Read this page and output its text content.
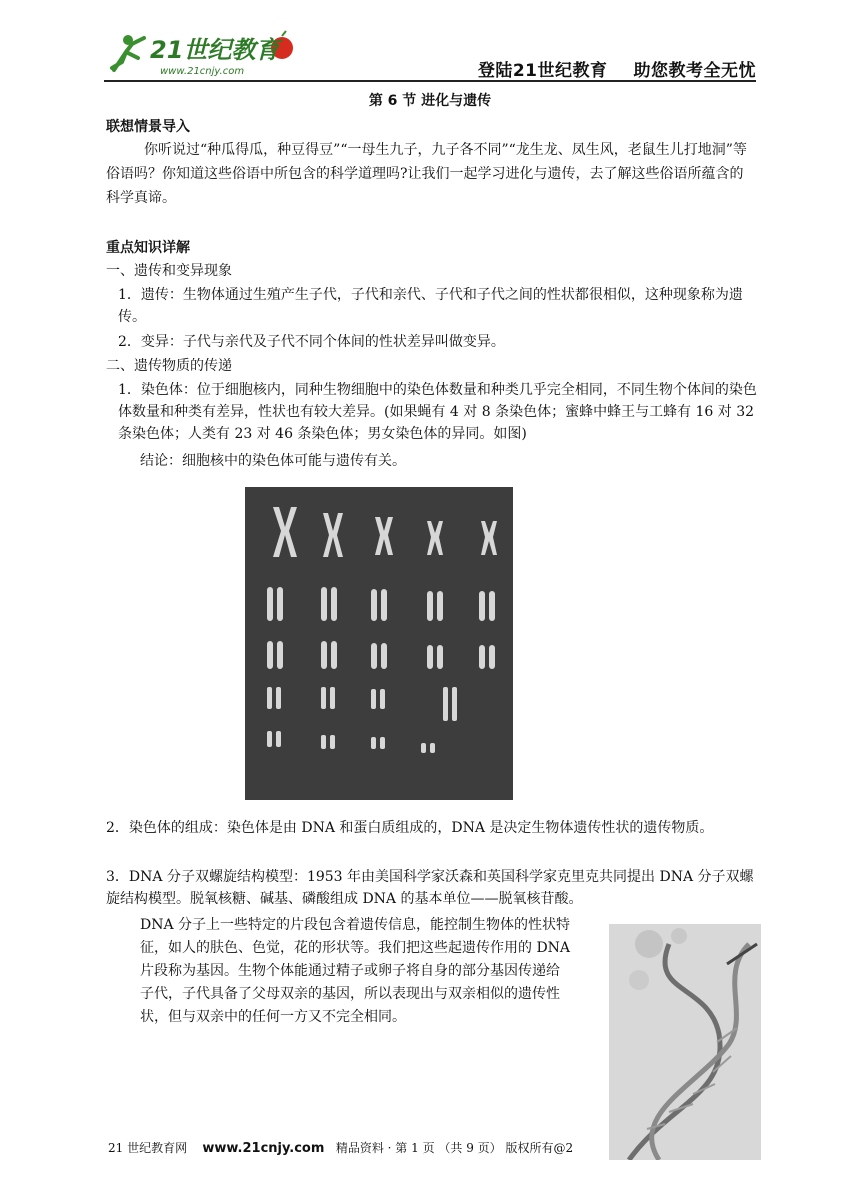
21世纪教育
www.21cnjy.com	登陆21世纪教育 助您教考全无忧
第 6 节 进化与遗传
联想情景导入
你听说过“种瓜得瓜，种豆得豆”“一母生九子，九子各不同”“龙生龙、凤生风，老鼠生儿打地洞”等俗语吗？你知道这些俗语中所包含的科学道理吗?让我们一起学习进化与遗传，去了解这些俗语所蕴含的科学真谛。
重点知识详解
一、遗传和变异现象
1．遗传：生物体通过生殖产生子代，子代和亲代、子代和子代之间的性状都很相似，这种现象称为遗传。
2．变异：子代与亲代及子代不同个体间的性状差异叫做变异。
二、遗传物质的传递
1．染色体：位于细胞核内，同种生物细胞中的染色体数量和种类几乎完全相同，不同生物个体间的染色体数量和种类有差异，性状也有较大差异。(如果蝇有 4 对 8 条染色体；蜜蜂中蜂王与工蜂有 16 对 32 条染色体；人类有 23 对 46 条染色体；男女染色体的异同。如图)
结论：细胞核中的染色体可能与遗传有关。
2．染色体的组成：染色体是由 DNA 和蛋白质组成的，DNA 是决定生物体遗传性状的遗传物质。
3．DNA 分子双螺旋结构模型：1953 年由美国科学家沃森和英国科学家克里克共同提出 DNA 分子双螺旋结构模型。脱氧核糖、碱基、磷酸组成 DNA 的基本单位——脱氧核苷酸。
DNA 分子上一些特定的片段包含着遗传信息，能控制生物体的性状特征，如人的肤色、色觉，花的形状等。我们把这些起遗传作用的 DNA 片段称为基因。生物个体能通过精子或卵子将自身的部分基因传递给子代，子代具备了父母双亲的基因，所以表现出与双亲相似的遗传性状，但与双亲中的任何一方又不完全相同。
21 世纪教育网 www.21cnjy.com 精品资料 · 第 1 页 （共 9 页） 版权所有@2
